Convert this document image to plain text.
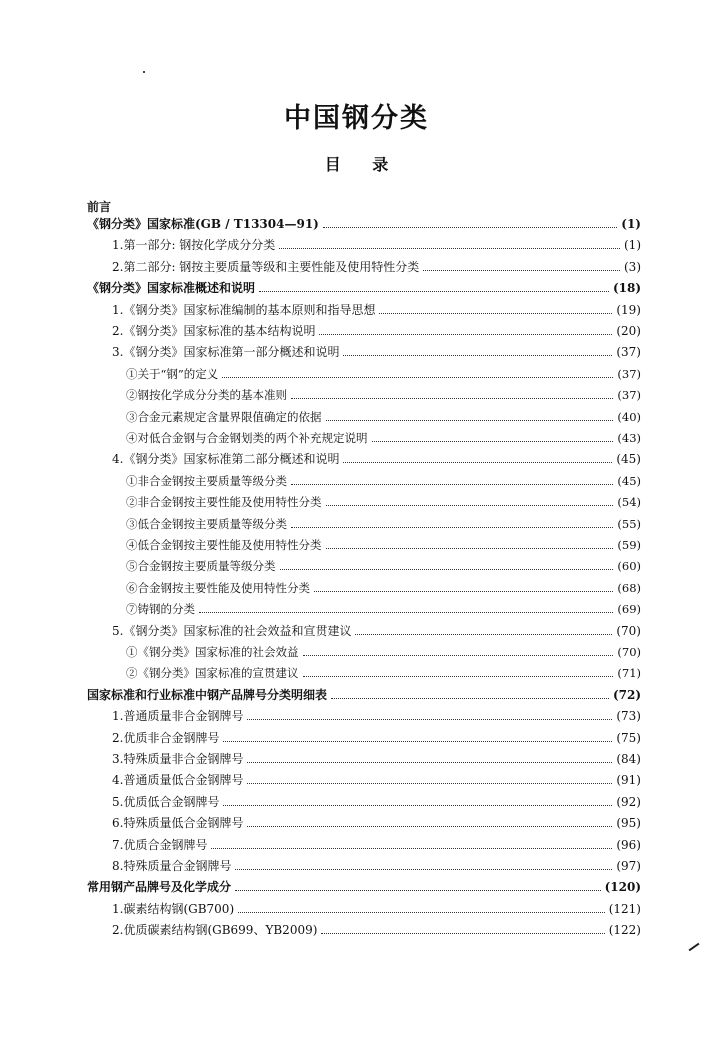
中国钢分类
目 录
前言
《钢分类》国家标准(GB / T13304—91)	(1)
1.第一部分: 钢按化学成分分类	(1)
2.第二部分: 钢按主要质量等级和主要性能及使用特性分类	(3)
《钢分类》国家标准概述和说明	(18)
1.《钢分类》国家标准编制的基本原则和指导思想	(19)
2.《钢分类》国家标准的基本结构说明	(20)
3.《钢分类》国家标准第一部分概述和说明	(37)
①关于“钢”的定义	(37)
②钢按化学成分分类的基本准则	(37)
③合金元素规定含量界限值确定的依据	(40)
④对低合金钢与合金钢划类的两个补充规定说明	(43)
4.《钢分类》国家标准第二部分概述和说明	(45)
①非合金钢按主要质量等级分类	(45)
②非合金钢按主要性能及使用特性分类	(54)
③低合金钢按主要质量等级分类	(55)
④低合金钢按主要性能及使用特性分类	(59)
⑤合金钢按主要质量等级分类	(60)
⑥合金钢按主要性能及使用特性分类	(68)
⑦铸钢的分类	(69)
5.《钢分类》国家标准的社会效益和宣贯建议	(70)
①《钢分类》国家标准的社会效益	(70)
②《钢分类》国家标准的宣贯建议	(71)
国家标准和行业标准中钢产品牌号分类明细表	(72)
1.普通质量非合金钢牌号	(73)
2.优质非合金钢牌号	(75)
3.特殊质量非合金钢牌号	(84)
4.普通质量低合金钢牌号	(91)
5.优质低合金钢牌号	(92)
6.特殊质量低合金钢牌号	(95)
7.优质合金钢牌号	(96)
8.特殊质量合金钢牌号	(97)
常用钢产品牌号及化学成分	(120)
1.碳素结构钢(GB700)	(121)
2.优质碳素结构钢(GB699、YB2009)	(122)
